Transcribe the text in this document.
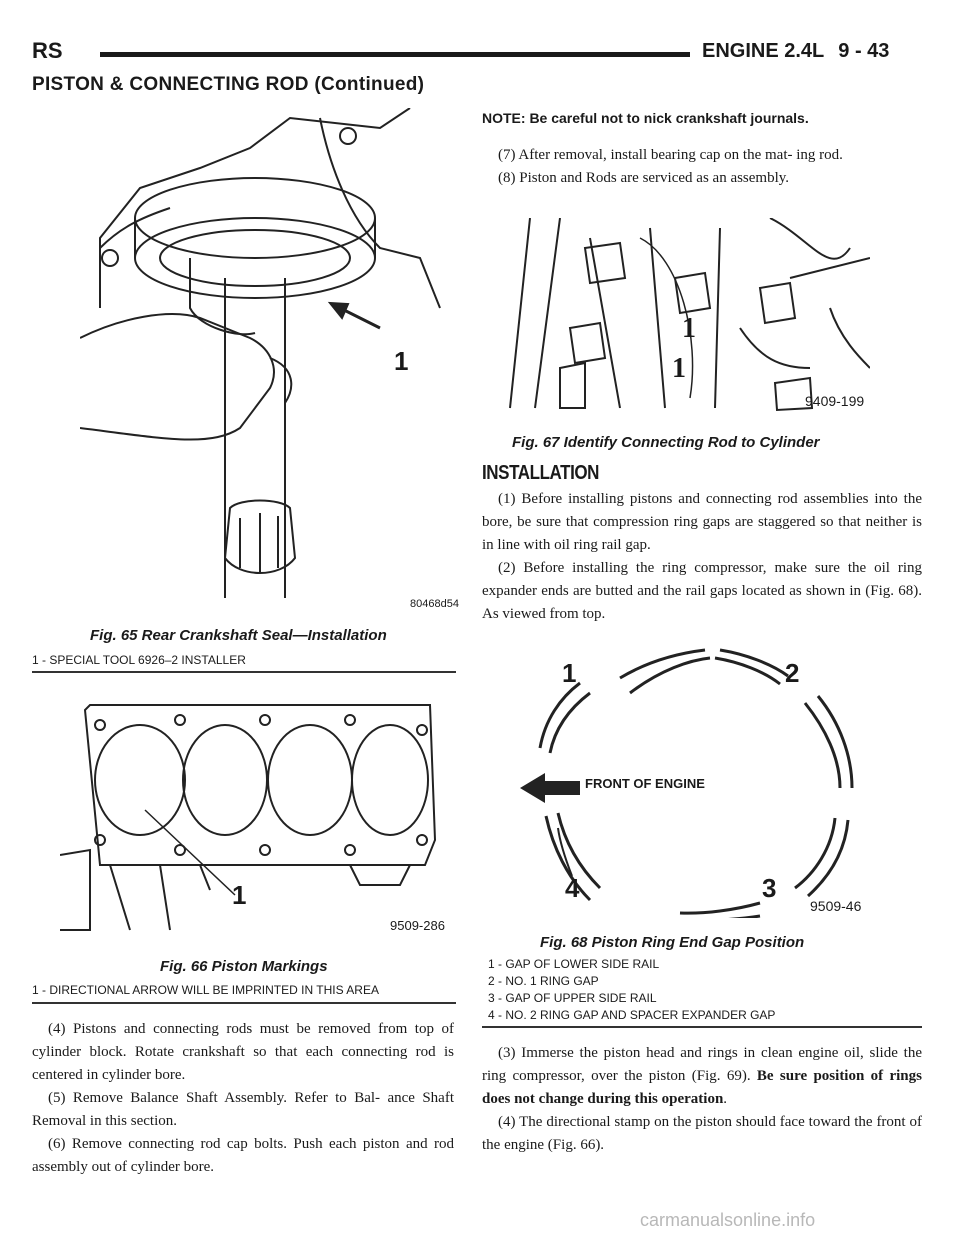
RS	ENGINE 2.4L 9 - 43
PISTON & CONNECTING ROD (Continued)
80468d54
1
Fig. 65 Rear Crankshaft Seal—Installation
1 - SPECIAL TOOL 6926–2 INSTALLER
1
9509-286
Fig. 66 Piston Markings
1 - DIRECTIONAL ARROW WILL BE IMPRINTED IN THIS AREA

(4) Pistons and connecting rods must be removed from top of cylinder block. Rotate crankshaft so that each connecting rod is centered in cylinder bore.

(5) Remove Balance Shaft Assembly. Refer to Bal- ance Shaft Removal in this section.

(6) Remove connecting rod cap bolts. Push each piston and rod assembly out of cylinder bore.

NOTE: Be careful not to nick crankshaft journals.

(7) After removal, install bearing cap on the mat- ing rod.

(8) Piston and Rods are serviced as an assembly.

1
1
9409-199
Fig. 67 Identify Connecting Rod to Cylinder
INSTALLATION

(1) Before installing pistons and connecting rod assemblies into the bore, be sure that compression ring gaps are staggered so that neither is in line with oil ring rail gap.

(2) Before installing the ring compressor, make sure the oil ring expander ends are butted and the rail gaps located as shown in (Fig. 68). As viewed from top.

FRONT OF ENGINE
1	2
3
4
9509-46
Fig. 68 Piston Ring End Gap Position
1 - GAP OF LOWER SIDE RAIL
2 - NO. 1 RING GAP
3 - GAP OF UPPER SIDE RAIL
4 - NO. 2 RING GAP AND SPACER EXPANDER GAP

(3) Immerse the piston head and rings in clean engine oil, slide the ring compressor, over the piston (Fig. 69). Be sure position of rings does not change during this operation.

(4) The directional stamp on the piston should face toward the front of the engine (Fig. 66).

carmanualsonline.info
